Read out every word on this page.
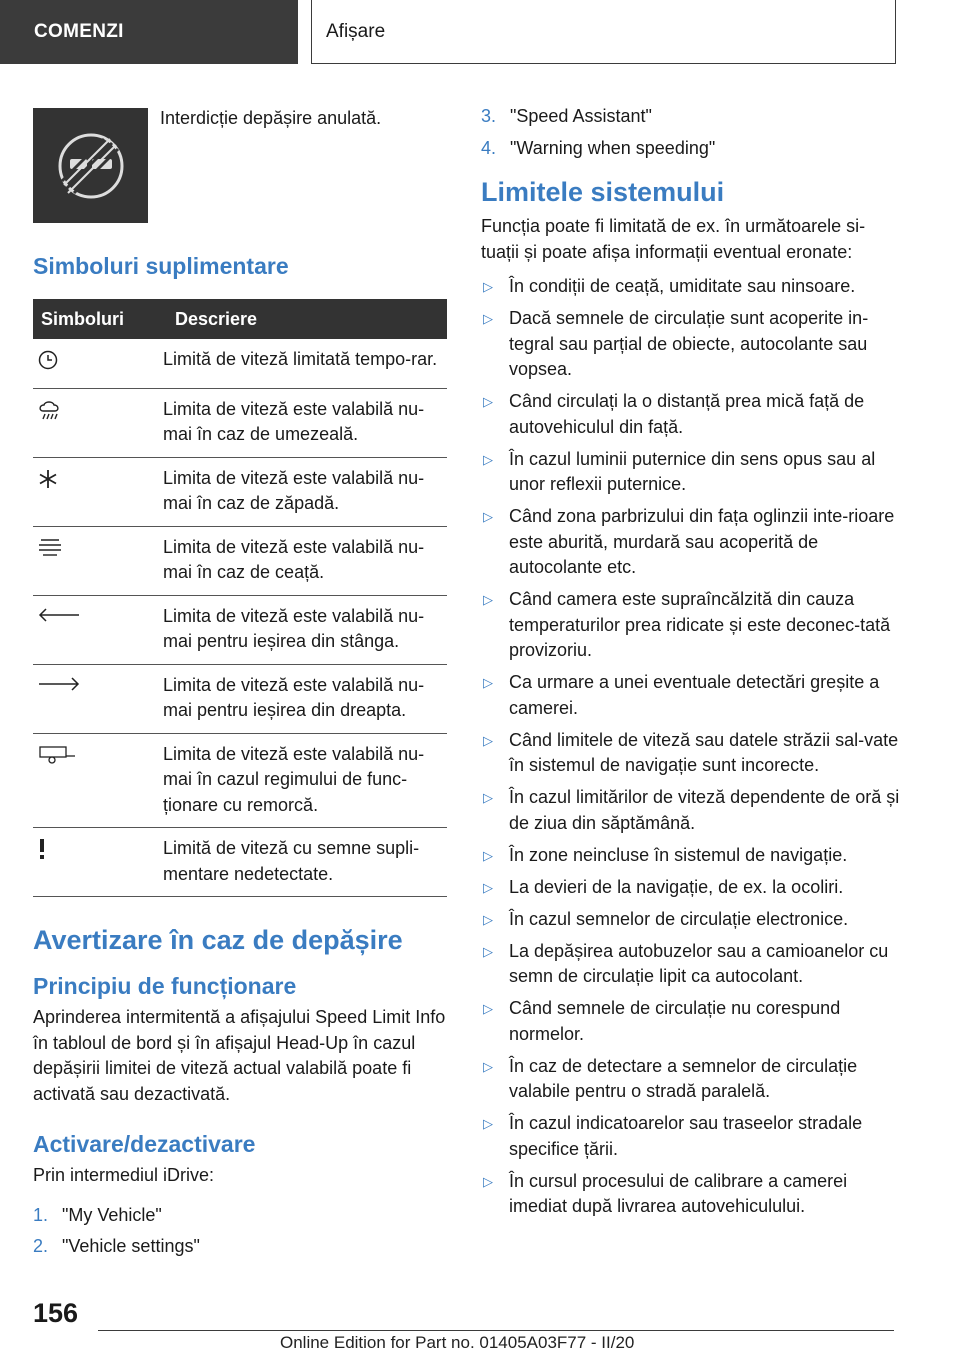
COMENZI	Afișare
Interdicție depășire anulată.
Simboluri suplimentare
Simboluri	Descriere
	Limită de viteză limitată tempo-rar.
	Limita de viteză este valabilă nu-mai în caz de umezeală.
	Limita de viteză este valabilă nu-mai în caz de zăpadă.
	Limita de viteză este valabilă nu-mai în caz de ceață.
	Limita de viteză este valabilă nu-mai pentru ieșirea din stânga.
	Limita de viteză este valabilă nu-mai pentru ieșirea din dreapta.
	Limita de viteză este valabilă nu-mai în cazul regimului de func-ționare cu remorcă.
	Limită de viteză cu semne supli-mentare nedetectate.
Avertizare în caz de depășire
Principiu de funcționare

Aprinderea intermitentă a afișajului Speed Limit Info în tabloul de bord și în afișajul Head-Up în cazul depășirii limitei de viteză actual valabilă poate fi activată sau dezactivată.

Activare/dezactivare

Prin intermediul iDrive:

1. "My Vehicle"
2. "Vehicle settings"
3. "Speed Assistant"
4. "Warning when speeding"
Limitele sistemului

Funcția poate fi limitată de ex. în următoarele si-tuații și poate afișa informații eventual eronate:

▷ În condiții de ceață, umiditate sau ninsoare.
▷ Dacă semnele de circulație sunt acoperite in-tegral sau parțial de obiecte, autocolante sau vopsea.
▷ Când circulați la o distanță prea mică față de autovehiculul din față.
▷ În cazul luminii puternice din sens opus sau al unor reflexii puternice.
▷ Când zona parbrizului din fața oglinzii inte-rioare este aburită, murdară sau acoperită de autocolante etc.
▷ Când camera este supraîncălzită din cauza temperaturilor prea ridicate și este deconec-tată provizoriu.
▷ Ca urmare a unei eventuale detectări greșite a camerei.
▷ Când limitele de viteză sau datele străzii sal-vate în sistemul de navigație sunt incorecte.
▷ În cazul limitărilor de viteză dependente de oră și de ziua din săptămână.
▷ În zone neincluse în sistemul de navigație.
▷ La devieri de la navigație, de ex. la ocoliri.
▷ În cazul semnelor de circulație electronice.
▷ La depășirea autobuzelor sau a camioanelor cu semn de circulație lipit ca autocolant.
▷ Când semnele de circulație nu corespund normelor.
▷ În caz de detectare a semnelor de circulație valabile pentru o stradă paralelă.
▷ În cazul indicatoarelor sau traseelor stradale specifice țării.
▷ În cursul procesului de calibrare a camerei imediat după livrarea autovehiculului.
156
Online Edition for Part no. 01405A03F77 - II/20
